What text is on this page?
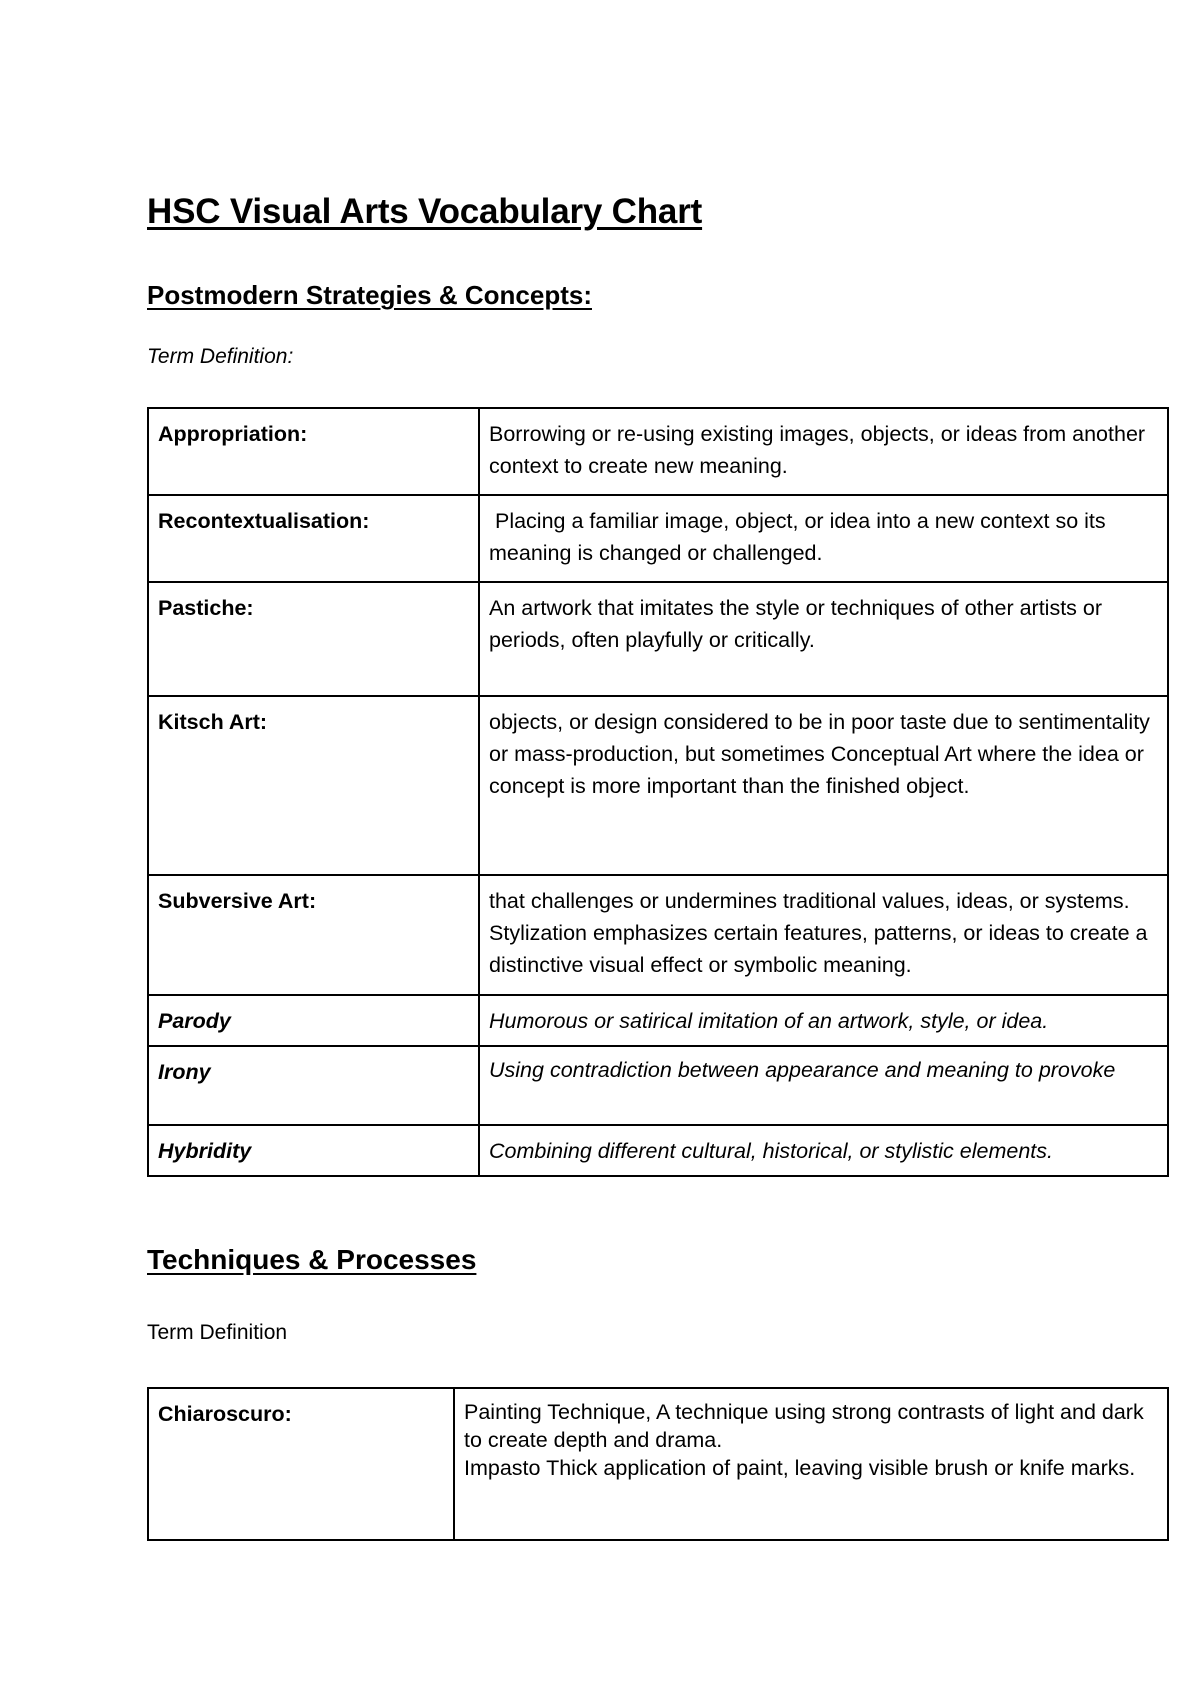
HSC Visual Arts Vocabulary Chart
Postmodern Strategies & Concepts:
Term Definition:
Appropriation:	Borrowing or re-using existing images, objects, or ideas from another context to create new meaning.
Recontextualisation:	Placing a familiar image, object, or idea into a new context so its meaning is changed or challenged.
Pastiche:	An artwork that imitates the style or techniques of other artists or periods, often playfully or critically.
Kitsch Art:	objects, or design considered to be in poor taste due to sentimentality or mass-production, but sometimes Conceptual Art where the idea or concept is more important than the finished object.
Subversive Art:	that challenges or undermines traditional values, ideas, or systems. Stylization emphasizes certain features, patterns, or ideas to create a distinctive visual effect or symbolic meaning.
Parody	Humorous or satirical imitation of an artwork, style, or idea.
Irony	Using contradiction between appearance and meaning to provoke
Hybridity	Combining different cultural, historical, or stylistic elements.
Techniques & Processes
Term Definition
Chiaroscuro:	Painting Technique, A technique using strong contrasts of light and dark to create depth and drama.
Impasto Thick application of paint, leaving visible brush or knife marks.
